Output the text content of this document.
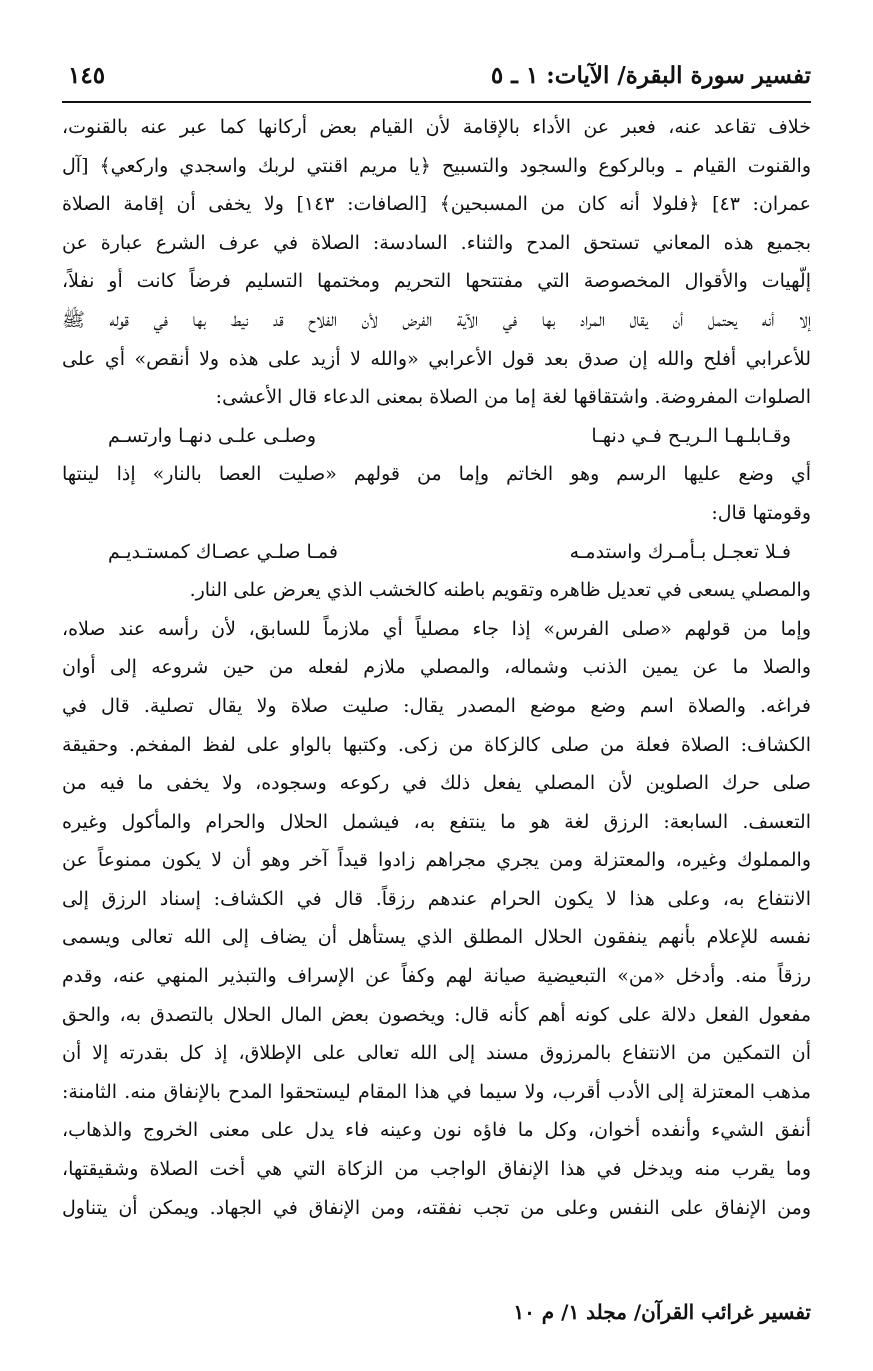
تفسير سورة البقرة/ الآيات: ١ ـ ٥
١٤٥
خلاف تقاعد عنه، فعبر عن الأداء بالإقامة لأن القيام بعض أركانها كما عبر عنه بالقنوت،
والقنوت القيام ـ وبالركوع والسجود والتسبيح ﴿يا مريم اقنتي لربك واسجدي واركعي﴾ [آل
عمران: ٤٣] ﴿فلولا أنه كان من المسبحين﴾ [الصافات: ١٤٣] ولا يخفى أن إقامة الصلاة
بجميع هذه المعاني تستحق المدح والثناء. السادسة: الصلاة في عرف الشرع عبارة عن
إلّهيات والأقوال المخصوصة التي مفتتحها التحريم ومختمها التسليم فرضاً كانت أو نفلاً،
إلا أنه يحتمل أن يقال المراد بها في الآية الفرض لأن الفلاح قد نيط بها في قوله ﷺ
للأعرابي أفلح والله إن صدق بعد قول الأعرابي «والله لا أزيد على هذه ولا أنقص» أي على
الصلوات المفروضة. واشتقاقها لغة إما من الصلاة بمعنى الدعاء قال الأعشى:
وقـابلـهـا الـريـح فـي دنهـا
وصلـى علـى دنهـا وارتسـم
أي وضع عليها الرسم وهو الخاتم وإما من قولهم «صليت العصا بالنار» إذا لينتها
وقومتها قال:
فـلا تعجـل بـأمـرك واستدمـه
فمـا صلـي عصـاك كمستـديـم
والمصلي يسعى في تعديل ظاهره وتقويم باطنه كالخشب الذي يعرض على النار.
وإما من قولهم «صلى الفرس» إذا جاء مصلياً أي ملازماً للسابق، لأن رأسه عند صلاه،
والصلا ما عن يمين الذنب وشماله، والمصلي ملازم لفعله من حين شروعه إلى أوان
فراغه. والصلاة اسم وضع موضع المصدر يقال: صليت صلاة ولا يقال تصلية. قال في
الكشاف: الصلاة فعلة من صلى كالزكاة من زكى. وكتبها بالواو على لفظ المفخم. وحقيقة
صلى حرك الصلوين لأن المصلي يفعل ذلك في ركوعه وسجوده، ولا يخفى ما فيه من
التعسف. السابعة: الرزق لغة هو ما ينتفع به، فيشمل الحلال والحرام والمأكول وغيره
والمملوك وغيره، والمعتزلة ومن يجري مجراهم زادوا قيداً آخر وهو أن لا يكون ممنوعاً عن
الانتفاع به، وعلى هذا لا يكون الحرام عندهم رزقاً. قال في الكشاف: إسناد الرزق إلى
نفسه للإعلام بأنهم ينفقون الحلال المطلق الذي يستأهل أن يضاف إلى الله تعالى ويسمى
رزقاً منه. وأدخل «من» التبعيضية صيانة لهم وكفاً عن الإسراف والتبذير المنهي عنه، وقدم
مفعول الفعل دلالة على كونه أهم كأنه قال: ويخصون بعض المال الحلال بالتصدق به، والحق
أن التمكين من الانتفاع بالمرزوق مسند إلى الله تعالى على الإطلاق، إذ كل بقدرته إلا أن
مذهب المعتزلة إلى الأدب أقرب، ولا سيما في هذا المقام ليستحقوا المدح بالإنفاق منه. الثامنة:
أنفق الشيء وأنفده أخوان، وكل ما فاؤه نون وعينه فاء يدل على معنى الخروج والذهاب،
وما يقرب منه ويدخل في هذا الإنفاق الواجب من الزكاة التي هي أخت الصلاة وشقيقتها،
ومن الإنفاق على النفس وعلى من تجب نفقته، ومن الإنفاق في الجهاد. ويمكن أن يتناول
تفسير غرائب القرآن/ مجلد ١/ م ١٠
